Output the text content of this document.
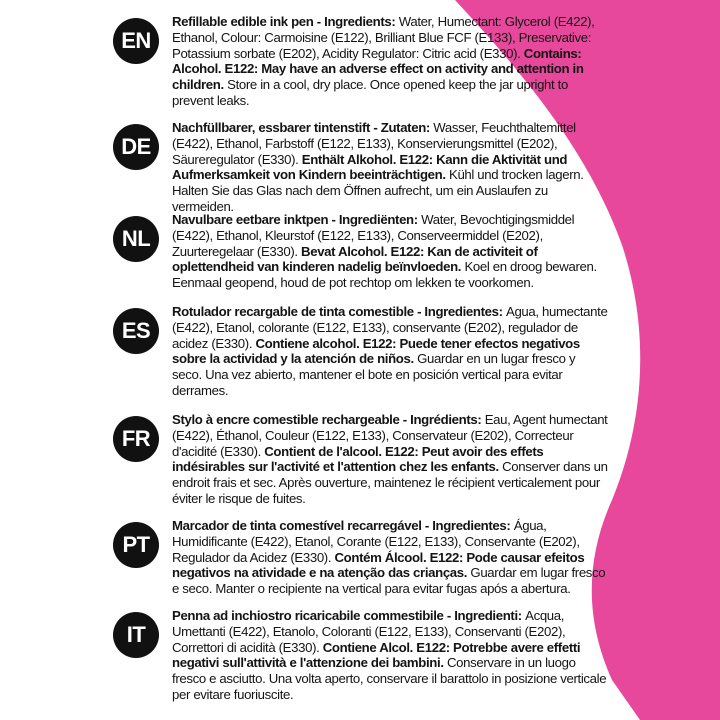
EN
Refillable edible ink pen - Ingredients: Water, Humectant: Glycerol (E422), Ethanol, Colour: Carmoisine (E122), Brilliant Blue FCF (E133), Preservative: Potassium sorbate (E202), Acidity Regulator: Citric acid (E330). Contains: Alcohol. E122: May have an adverse effect on activity and attention in children. Store in a cool, dry place. Once opened keep the jar upright to prevent leaks.
DE
Nachfüllbarer, essbarer tintenstift - Zutaten: Wasser, Feuchthaltemittel (E422), Ethanol, Farbstoff (E122, E133), Konservierungsmittel (E202), Säureregulator (E330). Enthält Alkohol. E122: Kann die Aktivität und Aufmerksamkeit von Kindern beeinträchtigen. Kühl und trocken lagern. Halten Sie das Glas nach dem Öffnen aufrecht, um ein Auslaufen zu vermeiden.
NL
Navulbare eetbare inktpen - Ingrediënten: Water, Bevochtigingsmiddel (E422), Ethanol, Kleurstof (E122, E133), Conserveermiddel (E202), Zuurteregelaar (E330). Bevat Alcohol. E122: Kan de activiteit of oplettendheid van kinderen nadelig beïnvloeden. Koel en droog bewaren. Eenmaal geopend, houd de pot rechtop om lekken te voorkomen.
ES
Rotulador recargable de tinta comestible - Ingredientes: Agua, humectante (E422), Etanol, colorante (E122, E133), conservante (E202), regulador de acidez (E330). Contiene alcohol. E122: Puede tener efectos negativos sobre la actividad y la atención de niños. Guardar en un lugar fresco y seco. Una vez abierto, mantener el bote en posición vertical para evitar derrames.
FR
Stylo à encre comestible rechargeable - Ingrédients: Eau, Agent humectant (E422), Éthanol, Couleur (E122, E133), Conservateur (E202), Correcteur d'acidité (E330). Contient de l'alcool. E122: Peut avoir des effets indésirables sur l'activité et l'attention chez les enfants. Conserver dans un endroit frais et sec. Après ouverture, maintenez le récipient verticalement pour éviter le risque de fuites.
PT
Marcador de tinta comestível recarregável - Ingredientes: Água, Humidificante (E422), Etanol, Corante (E122, E133), Conservante (E202), Regulador da Acidez (E330). Contém Álcool. E122: Pode causar efeitos negativos na atividade e na atenção das crianças. Guardar em lugar fresco e seco. Manter o recipiente na vertical para evitar fugas após a abertura.
IT
Penna ad inchiostro ricaricabile commestibile - Ingredienti: Acqua, Umettanti (E422), Etanolo, Coloranti (E122, E133), Conservanti (E202), Correttori di acidità (E330). Contiene Alcol. E122: Potrebbe avere effetti negativi sull'attività e l'attenzione dei bambini. Conservare in un luogo fresco e asciutto. Una volta aperto, conservare il barattolo in posizione verticale per evitare fuoriuscite.
